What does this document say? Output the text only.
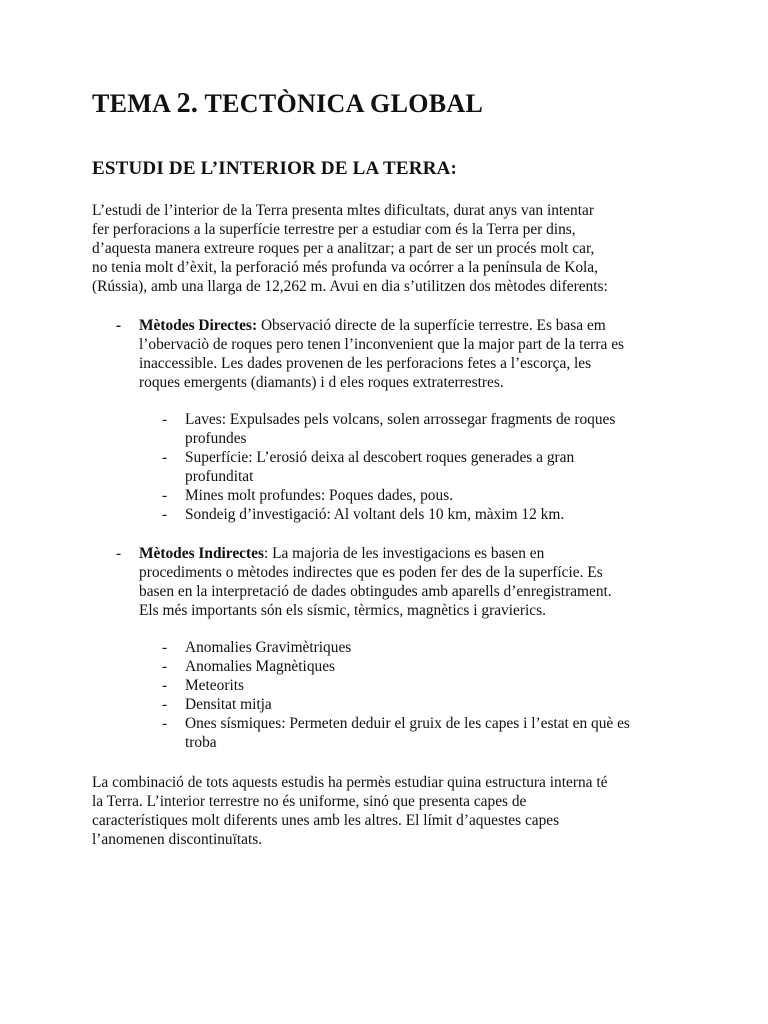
TEMA 2. TECTÒNICA GLOBAL
ESTUDI DE L’INTERIOR DE LA TERRA:

L’estudi de l’interior de la Terra presenta mltes dificultats, durat anys van intentar
fer perforacions a la superfície terrestre per a estudiar com és la Terra per dins,
d’aquesta manera extreure roques per a analitzar; a part de ser un procés molt car,
no tenia molt d’èxit, la perforació més profunda va ocórrer a la península de Kola,
(Rússia), amb una llarga de 12,262 m. Avui en dia s’utilitzen dos mètodes diferents:

- Mètodes Directes: Observació directe de la superfície terrestre. Es basa em
l’obervaciò de roques pero tenen l’inconvenient que la major part de la terra es
inaccessible. Les dades provenen de les perforacions fetes a l’escorça, les
roques emergents (diamants) i d eles roques extraterrestres.
- Laves: Expulsades pels volcans, solen arrossegar fragments de roques
profundes
- Superfície: L’erosió deixa al descobert roques generades a gran
profunditat
- Mines molt profundes: Poques dades, pous.
- Sondeig d’investigació: Al voltant dels 10 km, màxim 12 km.
- Mètodes Indirectes: La majoria de les investigacions es basen en
procediments o mètodes indirectes que es poden fer des de la superfície. Es
basen en la interpretació de dades obtingudes amb aparells d’enregistrament.
Els més importants són els sísmic, tèrmics, magnètics i gravierics.
- Anomalies Gravimètriques
- Anomalies Magnètiques
- Meteorits
- Densitat mitja
- Ones sísmiques: Permeten deduir el gruix de les capes i l’estat en què es
troba

La combinació de tots aquests estudis ha permès estudiar quina estructura interna té
la Terra. L’interior terrestre no és uniforme, sinó que presenta capes de
característiques molt diferents unes amb les altres. El límit d’aquestes capes
l’anomenen discontinuïtats.
